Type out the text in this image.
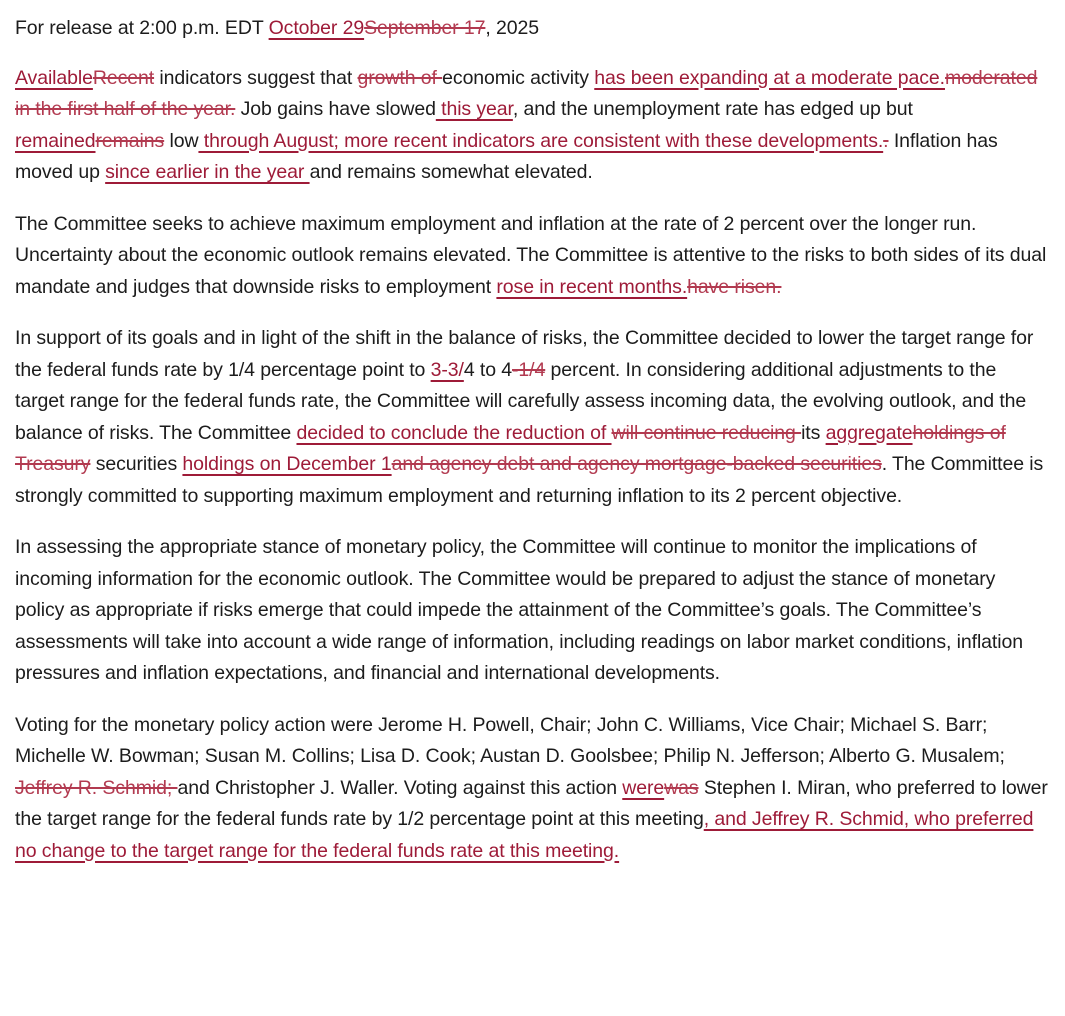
For release at 2:00 p.m. EDT October 29September 17, 2025

AvailableRecent indicators suggest that growth of economic activity has been expanding at a moderate pace.moderated in the first half of the year. Job gains have slowed this year, and the unemployment rate has edged up but remainedremains low through August; more recent indicators are consistent with these developments.. Inflation has moved up since earlier in the year and remains somewhat elevated.

The Committee seeks to achieve maximum employment and inflation at the rate of 2 percent over the longer run. Uncertainty about the economic outlook remains elevated. The Committee is attentive to the risks to both sides of its dual mandate and judges that downside risks to employment rose in recent months.have risen.

In support of its goals and in light of the shift in the balance of risks, the Committee decided to lower the target range for the federal funds rate by 1/4 percentage point to 3-3/4 to 4-1/4 percent. In considering additional adjustments to the target range for the federal funds rate, the Committee will carefully assess incoming data, the evolving outlook, and the balance of risks. The Committee decided to conclude the reduction of will continue reducing its aggregateholdings of Treasury securities holdings on December 1and agency debt and agency mortgage-backed securities. The Committee is strongly committed to supporting maximum employment and returning inflation to its 2 percent objective.

In assessing the appropriate stance of monetary policy, the Committee will continue to monitor the implications of incoming information for the economic outlook. The Committee would be prepared to adjust the stance of monetary policy as appropriate if risks emerge that could impede the attainment of the Committee’s goals. The Committee’s assessments will take into account a wide range of information, including readings on labor market conditions, inflation pressures and inflation expectations, and financial and international developments.

Voting for the monetary policy action were Jerome H. Powell, Chair; John C. Williams, Vice Chair; Michael S. Barr; Michelle W. Bowman; Susan M. Collins; Lisa D. Cook; Austan D. Goolsbee; Philip N. Jefferson; Alberto G. Musalem; Jeffrey R. Schmid; and Christopher J. Waller. Voting against this action werewas Stephen I. Miran, who preferred to lower the target range for the federal funds rate by 1/2 percentage point at this meeting, and Jeffrey R. Schmid, who preferred no change to the target range for the federal funds rate at this meeting.
